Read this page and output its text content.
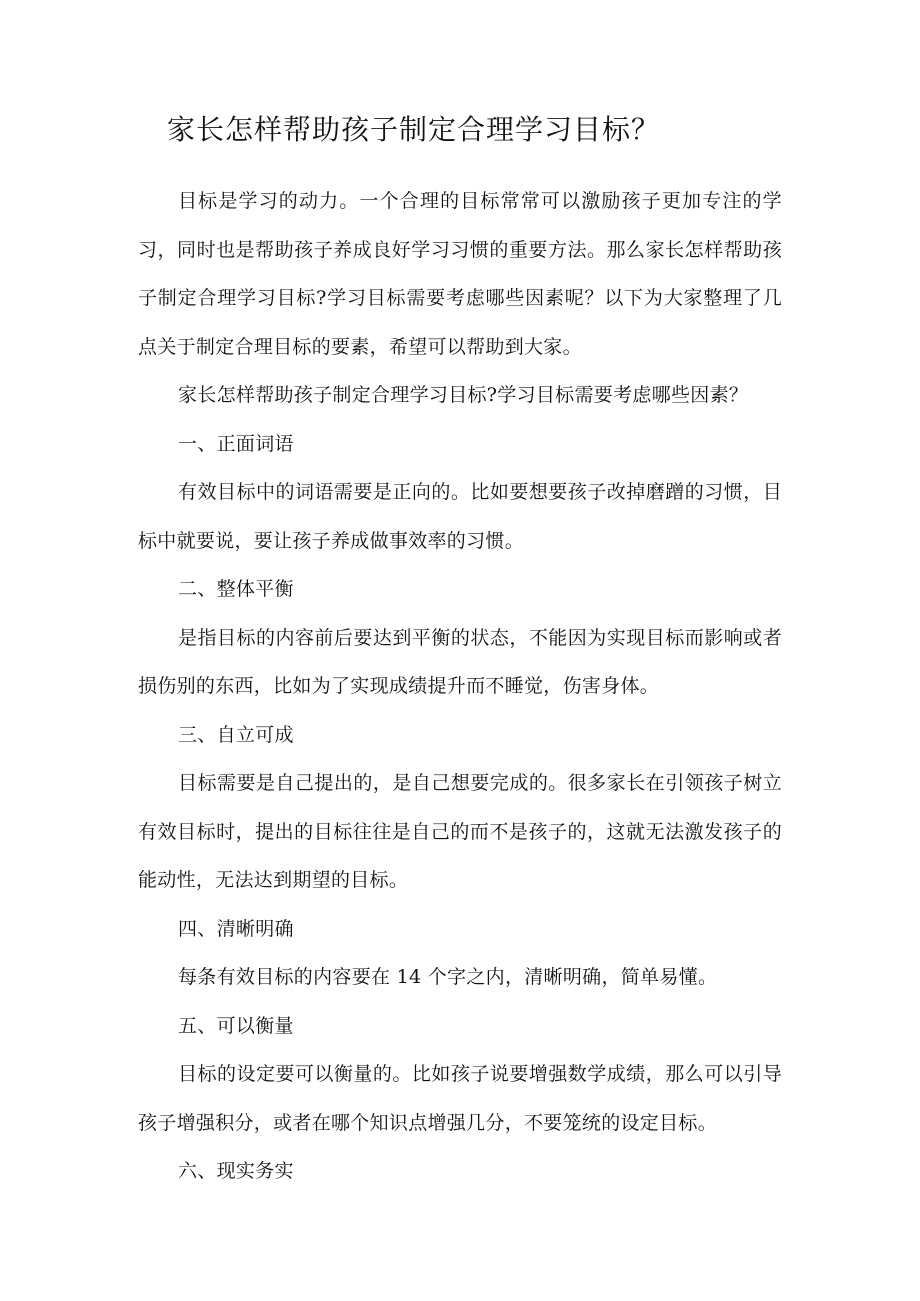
家长怎样帮助孩子制定合理学习目标？

目标是学习的动力。一个合理的目标常常可以激励孩子更加专注的学习，同时也是帮助孩子养成良好学习习惯的重要方法。那么家长怎样帮助孩子制定合理学习目标?学习目标需要考虑哪些因素呢？以下为大家整理了几点关于制定合理目标的要素，希望可以帮助到大家。

家长怎样帮助孩子制定合理学习目标?学习目标需要考虑哪些因素？

一、正面词语

有效目标中的词语需要是正向的。比如要想要孩子改掉磨蹭的习惯，目标中就要说，要让孩子养成做事效率的习惯。

二、整体平衡

是指目标的内容前后要达到平衡的状态，不能因为实现目标而影响或者损伤别的东西，比如为了实现成绩提升而不睡觉，伤害身体。

三、自立可成

目标需要是自己提出的，是自己想要完成的。很多家长在引领孩子树立有效目标时，提出的目标往往是自己的而不是孩子的，这就无法激发孩子的能动性，无法达到期望的目标。

四、清晰明确

每条有效目标的内容要在 14 个字之内，清晰明确，简单易懂。

五、可以衡量

目标的设定要可以衡量的。比如孩子说要增强数学成绩，那么可以引导孩子增强积分，或者在哪个知识点增强几分，不要笼统的设定目标。

六、现实务实
